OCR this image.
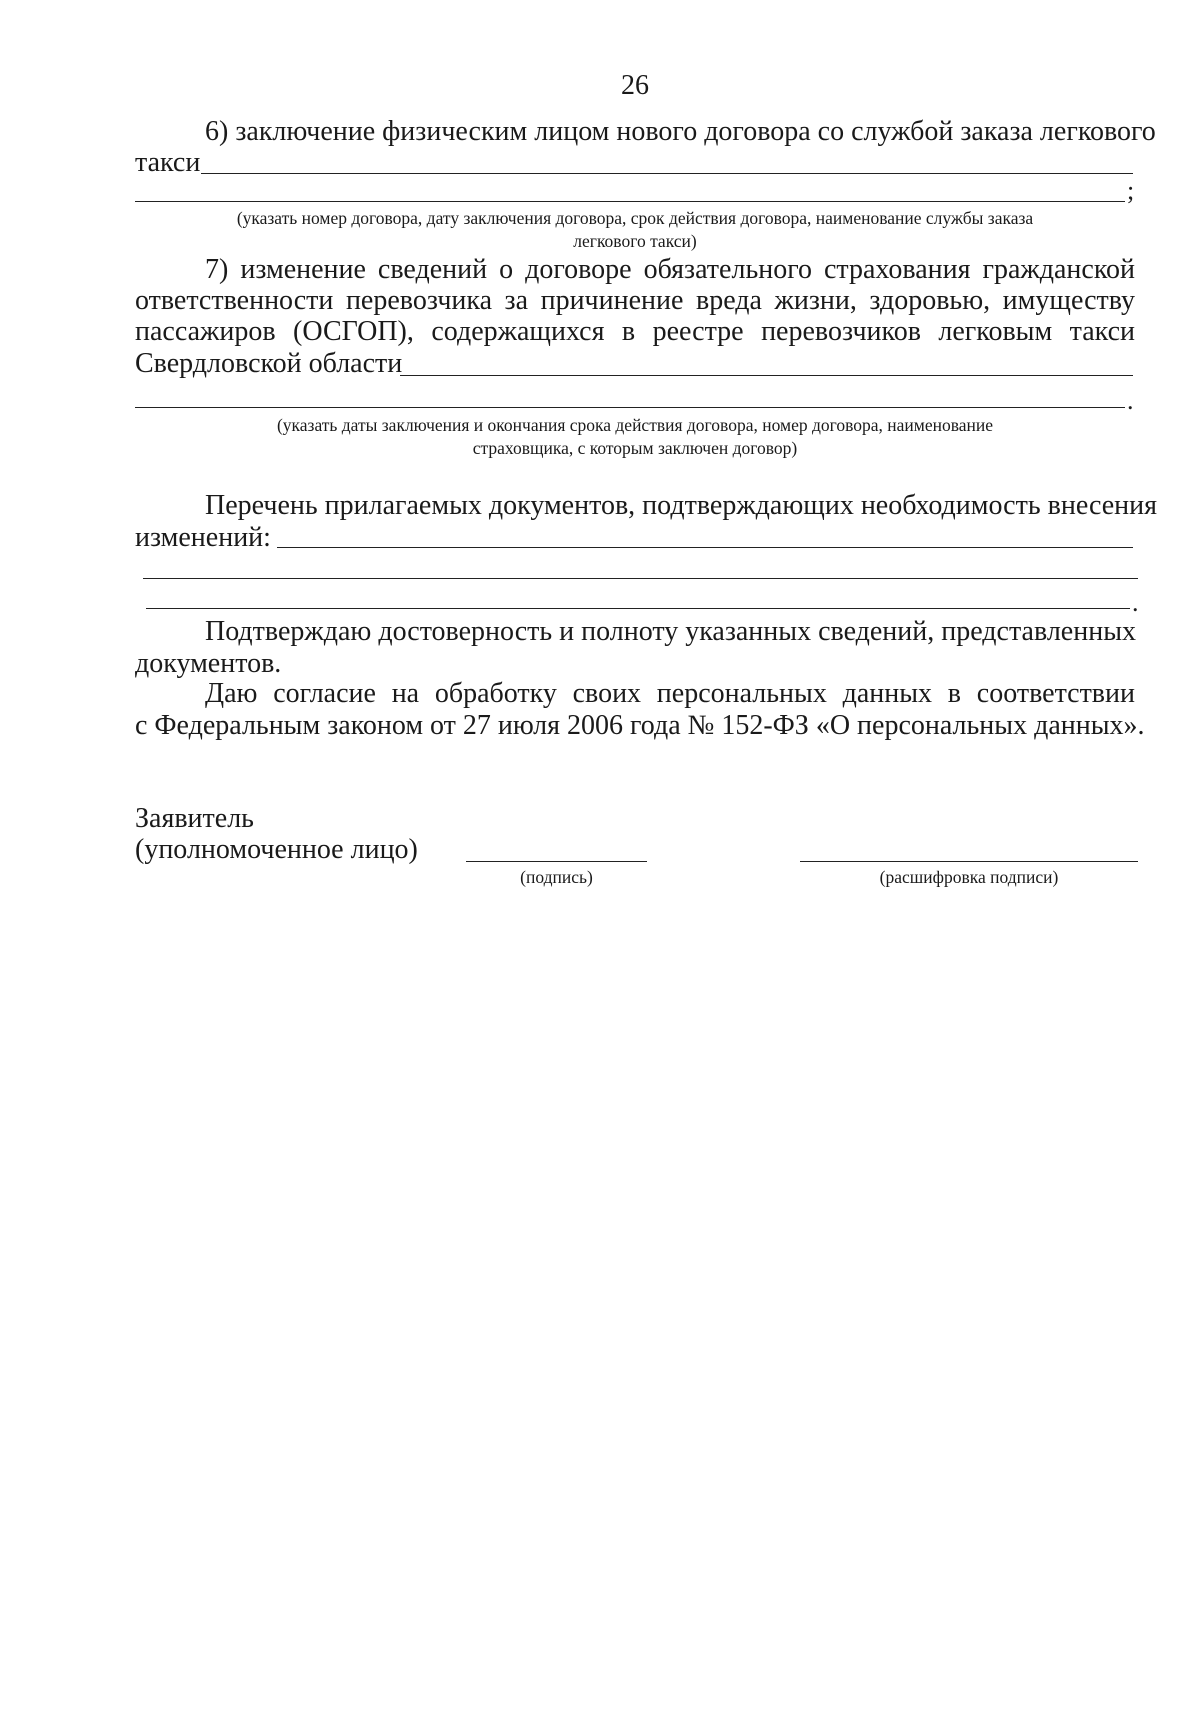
26
6) заключение физическим лицом нового договора со службой заказа легкового
такси
;
(указать номер договора, дату заключения договора, срок действия договора, наименование службы заказа
легкового такси)
7) изменение сведений о договоре обязательного страхования гражданской
ответственности перевозчика за причинение вреда жизни, здоровью, имуществу
пассажиров (ОСГОП), содержащихся в реестре перевозчиков легковым такси
Свердловской области
.
(указать даты заключения и окончания срока действия договора, номер договора, наименование
страховщика, с которым заключен договор)
Перечень прилагаемых документов, подтверждающих необходимость внесения
изменений:
.
Подтверждаю достоверность и полноту указанных сведений, представленных
документов.
Даю согласие на обработку своих персональных данных в соответствии
с Федеральным законом от 27 июля 2006 года № 152-ФЗ «О персональных данных».
Заявитель
(уполномоченное лицо)
(подпись)	(расшифровка подписи)
